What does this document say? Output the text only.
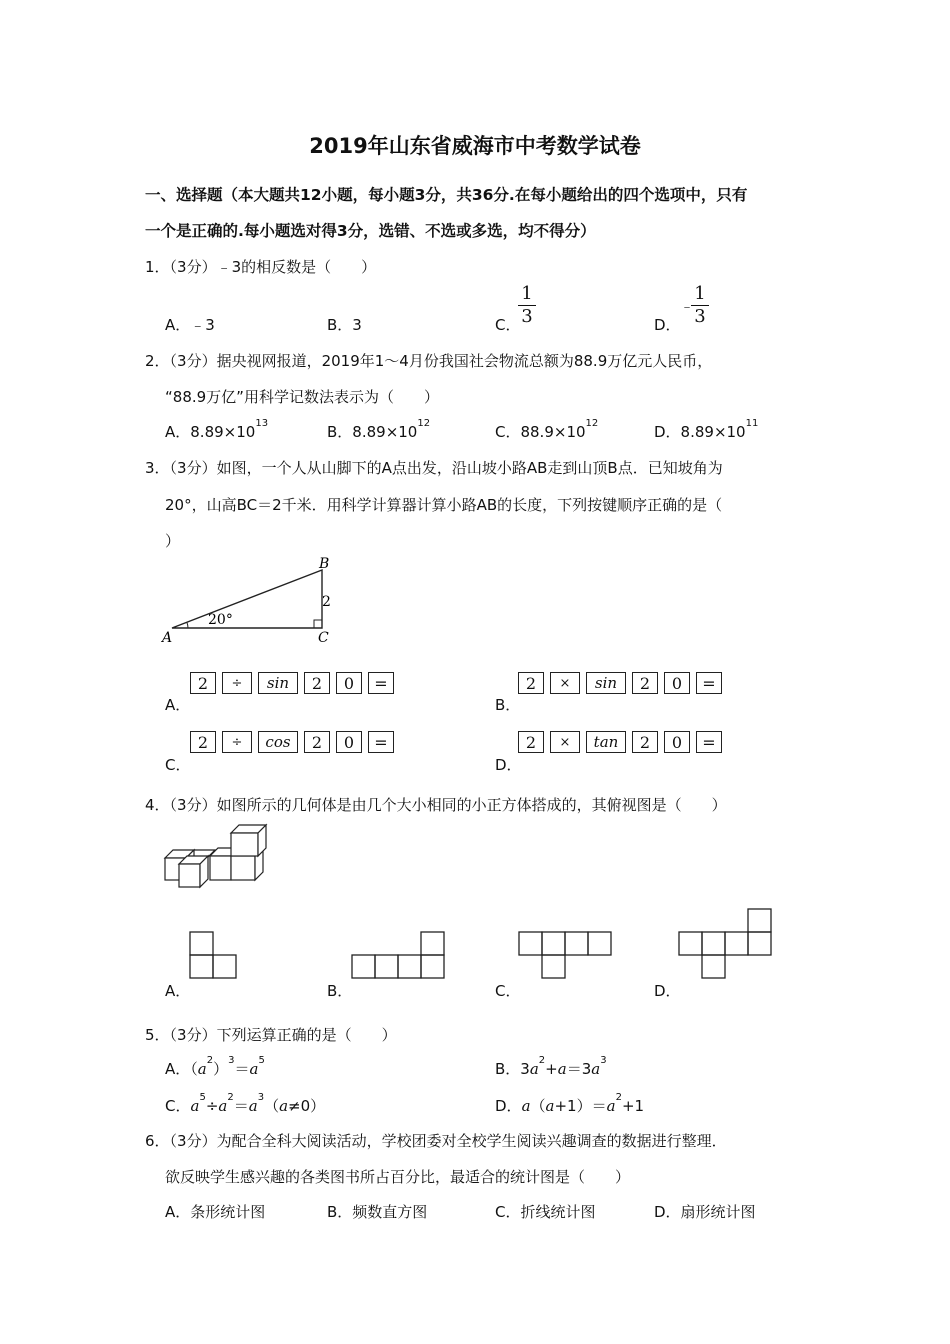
2019年山东省威海市中考数学试卷
一、选择题（本大题共12小题，每小题3分，共36分.在每小题给出的四个选项中，只有
一个是正确的.每小题选对得3分，选错、不选或多选，均不得分）
1．（3分）﹣3的相反数是（　　）
A．﹣3	B．3	C．
1
3	D．
﹣
1
3
2．（3分）据央视网报道，2019年1～4月份我国社会物流总额为88.9万亿元人民币，
“88.9万亿”用科学记数法表示为（　　）
A．$8.89\times 10^{13}$	B．$8.89\times 10^{12}$	C．$88.9\times 10^{12}$	D．$8.89\times 10^{11}$
3．（3分）如图，一个人从山脚下的A点出发，沿山坡小路AB走到山顶B点．已知坡角为
20°，山高BC＝2千米．用科学计算器计算小路AB的长度，下列按键顺序正确的是（
）
A
B
C
2
20°
A．
2	÷	sin	2	0	=
B．
2	×	sin	2	0	=
C．
2	÷	cos	2	0	=
D．
2	×	tan	2	0	=
4．（3分）如图所示的几何体是由几个大小相同的小正方体搭成的，其俯视图是（　　）
A．	B．	C．	D．
5．（3分）下列运算正确的是（　　）
A．$(a^2)^3=a^5$	B．$3a^2+a=3a^3$
C．$a^5\div a^2=a^3(a\ne 0)$	D．$a(a+1)=a^2+1$
6．（3分）为配合全科大阅读活动，学校团委对全校学生阅读兴趣调查的数据进行整理．
欲反映学生感兴趣的各类图书所占百分比，最适合的统计图是（　　）
A．条形统计图	B．频数直方图	C．折线统计图	D．扇形统计图
